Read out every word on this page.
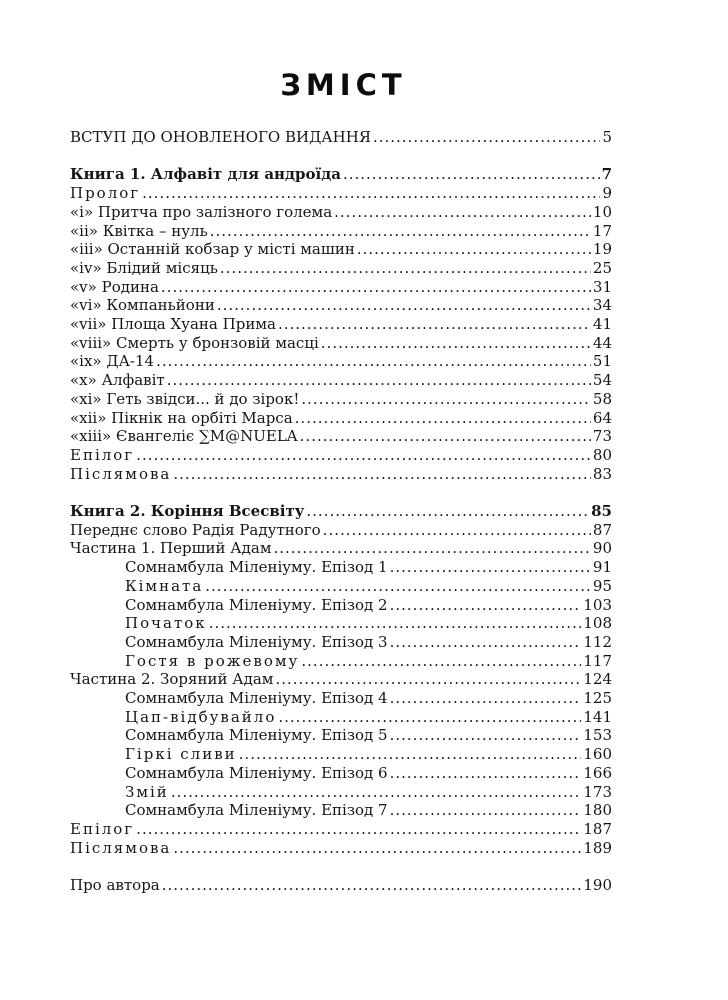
ЗМІСТ
ВСТУП ДО ОНОВЛЕНОГО ВИДАННЯ .....	5
Книга 1. Алфавіт для андроїда .....	7
Пролог .....	9
«i» Притча про залізного голема .....	10
«ii» Квітка – нуль .....	17
«iii» Останній кобзар у місті машин .....	19
«iv» Блідий місяць .....	25
«v» Родина .....	31
«vi» Компаньйони .....	34
«vii» Площа Хуана Прима .....	41
«viii» Смерть у бронзовій масці .....	44
«ix» ДА-14 .....	51
«x» Алфавіт .....	54
«xi» Геть звідси... й до зірок! .....	58
«xii» Пікнік на орбіті Марса .....	64
«xiii» Євангеліє ∑M@NUELA .....	73
Епілог .....	80
Післямова .....	83
Книга 2. Коріння Всесвіту .....	85
Переднє слово Радія Радутного .....	87
Частина 1. Перший Адам .....	90
Сомнамбула Міленіуму. Епізод 1 .....	91
Кімната .....	95
Сомнамбула Міленіуму. Епізод 2 .....	103
Початок .....	108
Сомнамбула Міленіуму. Епізод 3 .....	112
Гостя в рожевому .....	117
Частина 2. Зоряний Адам .....	124
Сомнамбула Міленіуму. Епізод 4 .....	125
Цап-відбувайло .....	141
Сомнамбула Міленіуму. Епізод 5 .....	153
Гіркі сливи .....	160
Сомнамбула Міленіуму. Епізод 6 .....	166
Змій .....	173
Сомнамбула Міленіуму. Епізод 7 .....	180
Епілог .....	187
Післямова .....	189
Про автора .....	190
